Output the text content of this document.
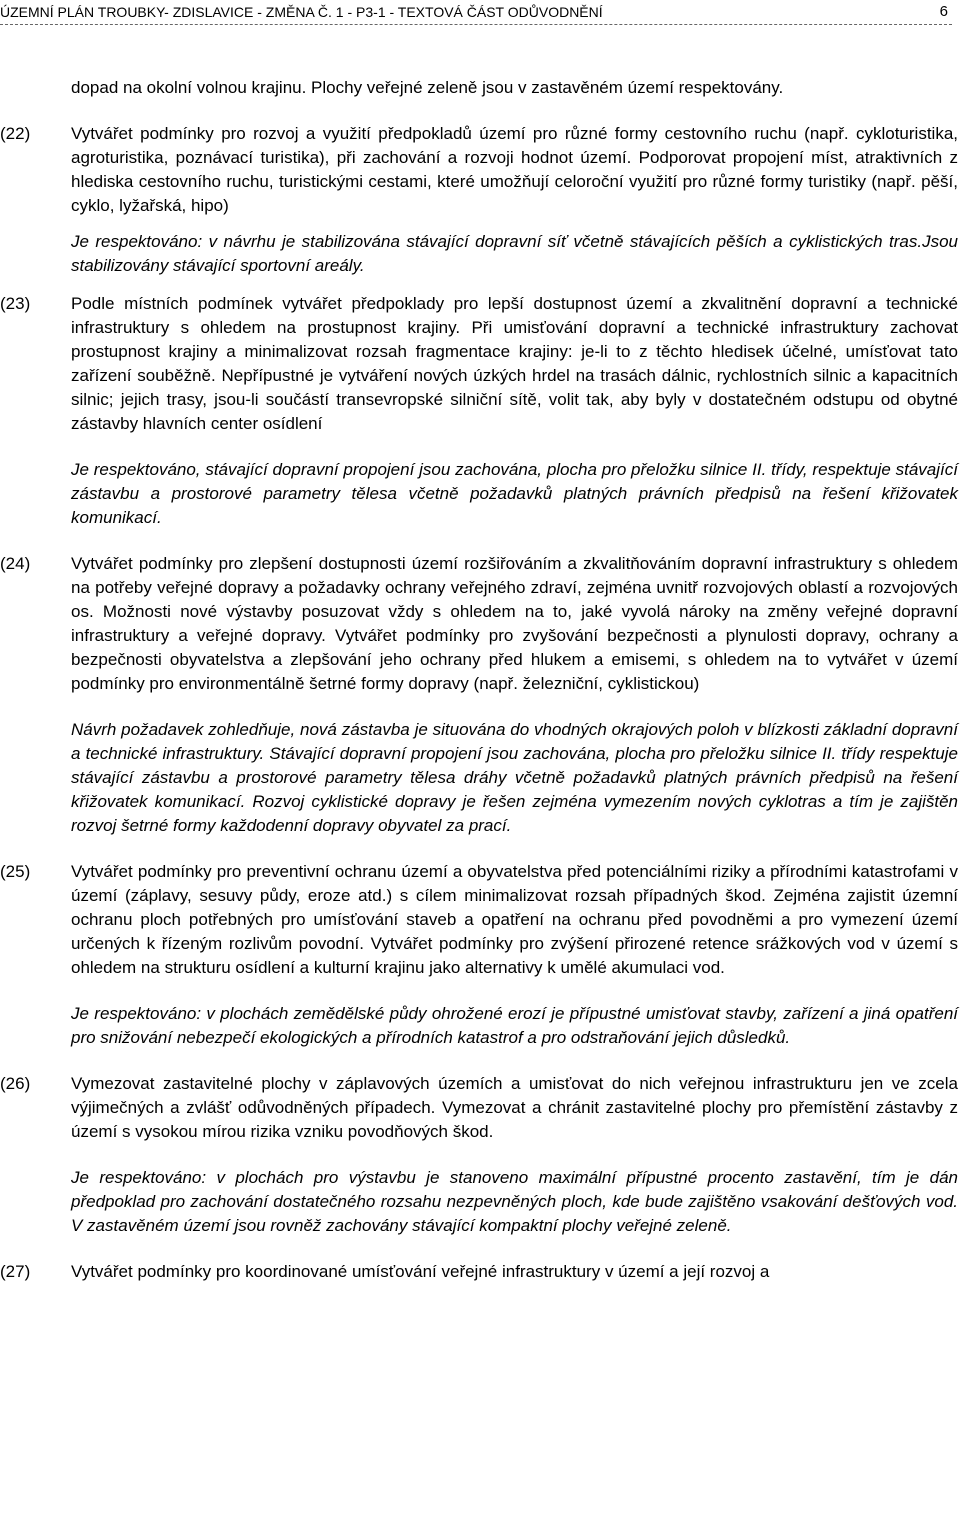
ÚZEMNÍ PLÁN TROUBKY- ZDISLAVICE - ZMĚNA Č. 1 - P3-1 - TEXTOVÁ ČÁST ODŮVODNĚNÍ	6

dopad na okolní volnou krajinu. Plochy veřejné zeleně jsou v zastavěném území respektovány.

(22) Vytvářet podmínky pro rozvoj a využití předpokladů území pro různé formy cestovního ruchu (např. cykloturistika, agroturistika, poznávací turistika), při zachování a rozvoji hodnot území. Podporovat propojení míst, atraktivních z hlediska cestovního ruchu, turistickými cestami, které umožňují celoroční využití pro různé formy turistiky (např. pěší, cyklo, lyžařská, hipo)

Je respektováno: v návrhu je stabilizována stávající dopravní síť včetně stávajících pěších a cyklistických tras.Jsou stabilizovány stávající sportovní areály.

(23) Podle místních podmínek vytvářet předpoklady pro lepší dostupnost území a zkvalitnění dopravní a technické infrastruktury s ohledem na prostupnost krajiny. Při umisťování dopravní a technické infrastruktury zachovat prostupnost krajiny a minimalizovat rozsah fragmentace krajiny: je-li to z těchto hledisek účelné, umísťovat tato zařízení souběžně. Nepřípustné je vytváření nových úzkých hrdel na trasách dálnic, rychlostních silnic a kapacitních silnic; jejich trasy, jsou-li součástí transevropské silniční sítě, volit tak, aby byly v dostatečném odstupu od obytné zástavby hlavních center osídlení

Je respektováno, stávající dopravní propojení jsou zachována, plocha pro přeložku silnice II. třídy, respektuje stávající zástavbu a prostorové parametry tělesa včetně požadavků platných právních předpisů na řešení křižovatek komunikací.

(24) Vytvářet podmínky pro zlepšení dostupnosti území rozšiřováním a zkvalitňováním dopravní infrastruktury s ohledem na potřeby veřejné dopravy a požadavky ochrany veřejného zdraví, zejména uvnitř rozvojových oblastí a rozvojových os. Možnosti nové výstavby posuzovat vždy s ohledem na to, jaké vyvolá nároky na změny veřejné dopravní infrastruktury a veřejné dopravy. Vytvářet podmínky pro zvyšování bezpečnosti a plynulosti dopravy, ochrany a bezpečnosti obyvatelstva a zlepšování jeho ochrany před hlukem a emisemi, s ohledem na to vytvářet v území podmínky pro environmentálně šetrné formy dopravy (např. železniční, cyklistickou)

Návrh požadavek zohledňuje, nová zástavba je situována do vhodných okrajových poloh v blízkosti základní dopravní a technické infrastruktury. Stávající dopravní propojení jsou zachována, plocha pro přeložku silnice II. třídy respektuje stávající zástavbu a prostorové parametry tělesa dráhy včetně požadavků platných právních předpisů na řešení křižovatek komunikací. Rozvoj cyklistické dopravy je řešen zejména vymezením nových cyklotras a tím je zajištěn rozvoj šetrné formy každodenní dopravy obyvatel za prací.

(25) Vytvářet podmínky pro preventivní ochranu území a obyvatelstva před potenciálními riziky a přírodními katastrofami v území (záplavy, sesuvy půdy, eroze atd.) s cílem minimalizovat rozsah případných škod. Zejména zajistit územní ochranu ploch potřebných pro umísťování staveb a opatření na ochranu před povodněmi a pro vymezení území určených k řízeným rozlivům povodní. Vytvářet podmínky pro zvýšení přirozené retence srážkových vod v území s ohledem na strukturu osídlení a kulturní krajinu jako alternativy k umělé akumulaci vod.

Je respektováno: v plochách zemědělské půdy ohrožené erozí je přípustné umisťovat stavby, zařízení a jiná opatření pro snižování nebezpečí ekologických a přírodních katastrof a pro odstraňování jejich důsledků.

(26) Vymezovat zastavitelné plochy v záplavových územích a umisťovat do nich veřejnou infrastrukturu jen ve zcela výjimečných a zvlášť odůvodněných případech. Vymezovat a chránit zastavitelné plochy pro přemístění zástavby z území s vysokou mírou rizika vzniku povodňových škod.

Je respektováno: v plochách pro výstavbu je stanoveno maximální přípustné procento zastavění, tím je dán předpoklad pro zachování dostatečného rozsahu nezpevněných ploch, kde bude zajištěno vsakování dešťových vod. V zastavěném území jsou rovněž zachovány stávající kompaktní plochy veřejné zeleně.

(27) Vytvářet podmínky pro koordinované umísťování veřejné infrastruktury v území a její rozvoj a
